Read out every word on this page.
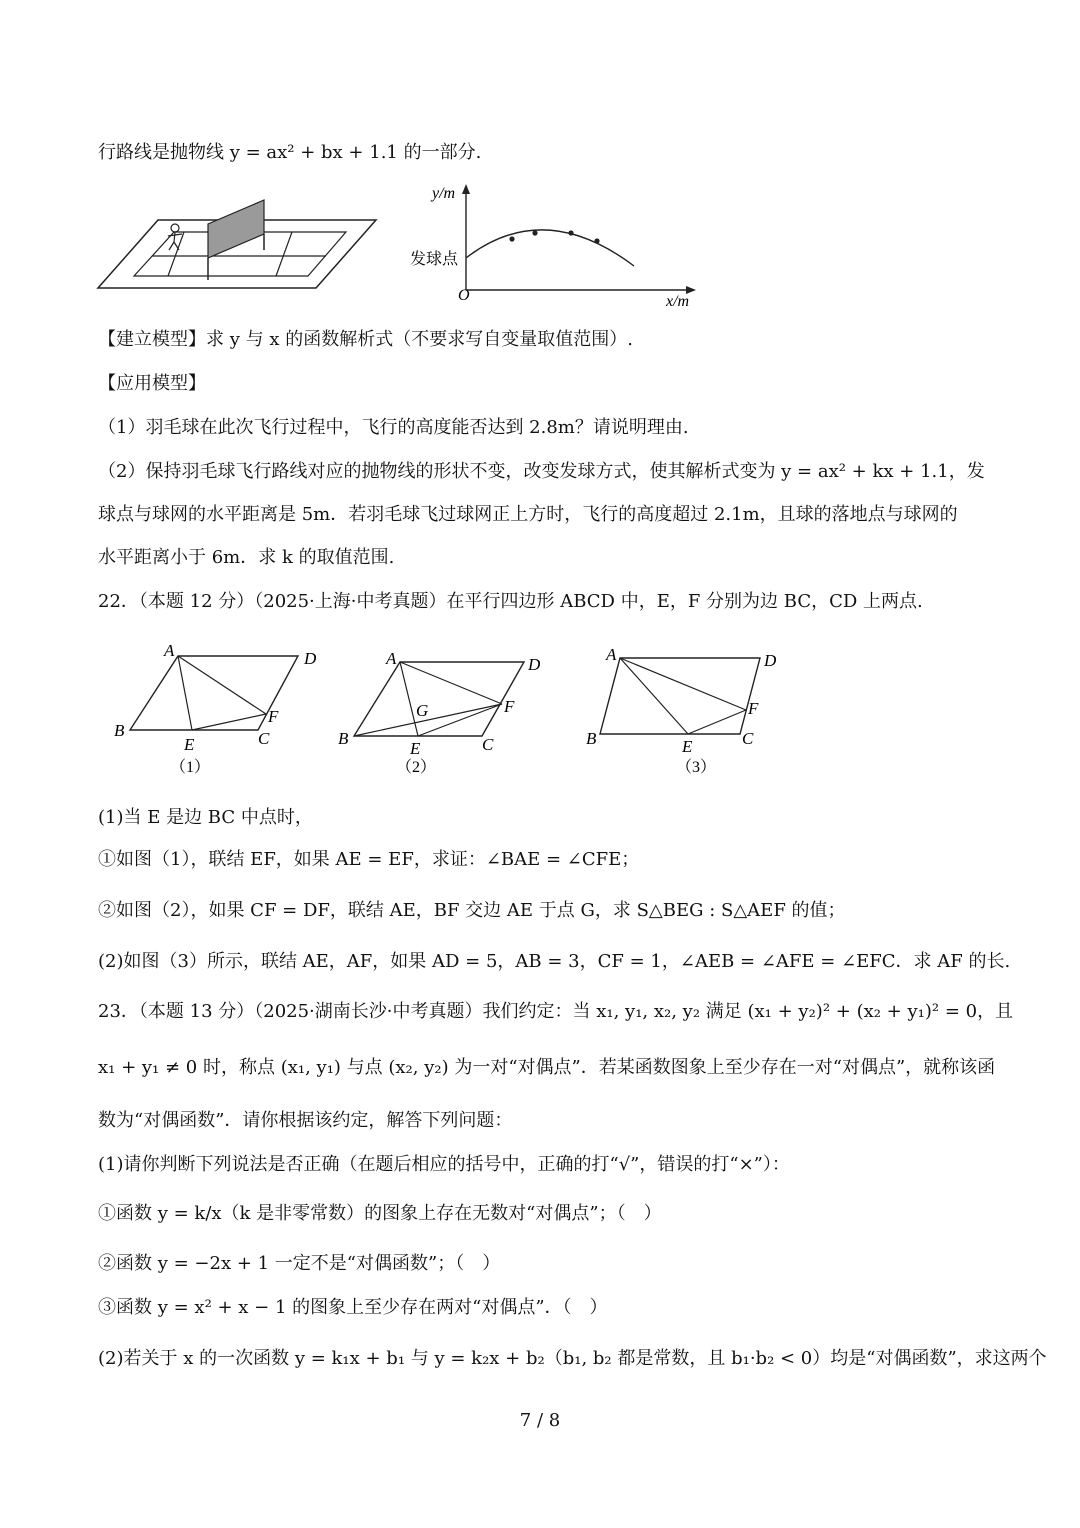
行路线是抛物线 y = ax² + bx + 1.1 的一部分.
y/m
x/m
O
发球点
【建立模型】求 y 与 x 的函数解析式（不要求写自变量取值范围）.
【应用模型】
（1）羽毛球在此次飞行过程中，飞行的高度能否达到 2.8m？请说明理由.
（2）保持羽毛球飞行路线对应的抛物线的形状不变，改变发球方式，使其解析式变为 y = ax² + kx + 1.1，发
球点与球网的水平距离是 5m．若羽毛球飞过球网正上方时，飞行的高度超过 2.1m，且球的落地点与球网的
水平距离小于 6m．求 k 的取值范围.
22．（本题 12 分）（2025·上海·中考真题）在平行四边形 ABCD 中，E，F 分别为边 BC，CD 上两点.
A	D
B
E
F
C
（1）
A	D
B
G
E
F
C
（2）
A	D
B	E
F
C
（3）
(1)当 E 是边 BC 中点时，
①如图（1），联结 EF，如果 AE = EF，求证：∠BAE = ∠CFE；
②如图（2），如果 CF = DF，联结 AE，BF 交边 AE 于点 G，求 S△BEG : S△AEF 的值；
(2)如图（3）所示，联结 AE，AF，如果 AD = 5，AB = 3，CF = 1，∠AEB = ∠AFE = ∠EFC．求 AF 的长.
23．（本题 13 分）（2025·湖南长沙·中考真题）我们约定：当 x₁, y₁, x₂, y₂ 满足 (x₁ + y₂)² + (x₂ + y₁)² = 0，且
x₁ + y₁ ≠ 0 时，称点 (x₁, y₁) 与点 (x₂, y₂) 为一对“对偶点”．若某函数图象上至少存在一对“对偶点”，就称该函
数为“对偶函数”．请你根据该约定，解答下列问题：
(1)请你判断下列说法是否正确（在题后相应的括号中，正确的打“√”，错误的打“×”）：
①函数 y = k/x（k 是非零常数）的图象上存在无数对“对偶点”；（　）
②函数 y = −2x + 1 一定不是“对偶函数”；（　）
③函数 y = x² + x − 1 的图象上至少存在两对“对偶点”．（　）
(2)若关于 x 的一次函数 y = k₁x + b₁ 与 y = k₂x + b₂（b₁, b₂ 都是常数，且 b₁·b₂ < 0）均是“对偶函数”，求这两个
7 / 8
